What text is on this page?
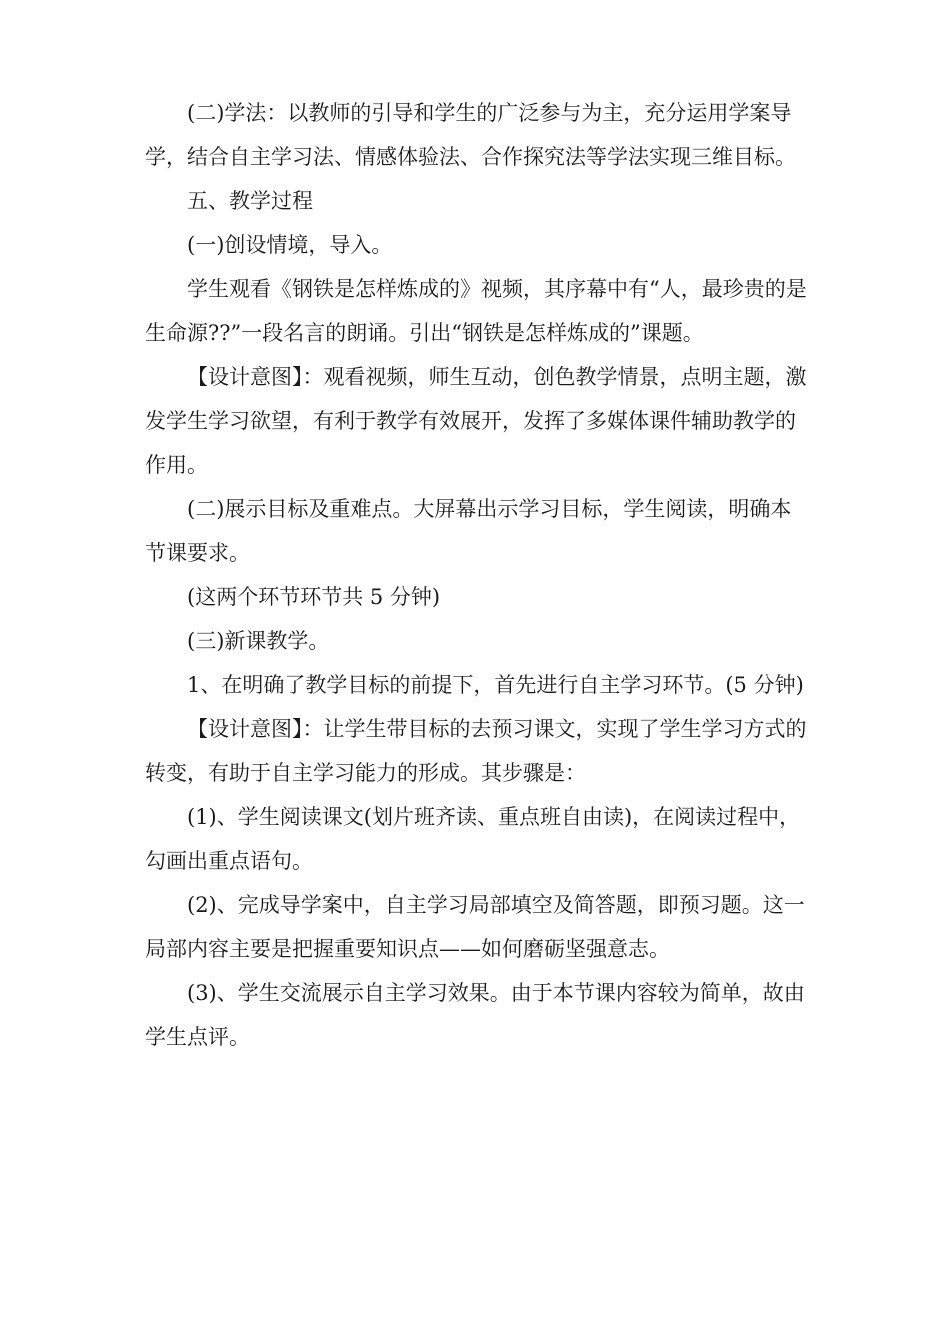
(二)学法：以教师的引导和学生的广泛参与为主，充分运用学案导学，结合自主学习法、情感体验法、合作探究法等学法实现三维目标。

五、教学过程

(一)创设情境，导入。

学生观看《钢铁是怎样炼成的》视频，其序幕中有“人，最珍贵的是生命源??”一段名言的朗诵。引出“钢铁是怎样炼成的”课题。

【设计意图】：观看视频，师生互动，创色教学情景，点明主题，激发学生学习欲望，有利于教学有效展开，发挥了多媒体课件辅助教学的作用。

(二)展示目标及重难点。大屏幕出示学习目标，学生阅读，明确本节课要求。

(这两个环节环节共 5 分钟)

(三)新课教学。

1、在明确了教学目标的前提下，首先进行自主学习环节。(5 分钟)

【设计意图】：让学生带目标的去预习课文，实现了学生学习方式的转变，有助于自主学习能力的形成。其步骤是：

(1)、学生阅读课文(划片班齐读、重点班自由读)，在阅读过程中，勾画出重点语句。

(2)、完成导学案中，自主学习局部填空及简答题，即预习题。这一局部内容主要是把握重要知识点——如何磨砺坚强意志。

(3)、学生交流展示自主学习效果。由于本节课内容较为简单，故由学生点评。
